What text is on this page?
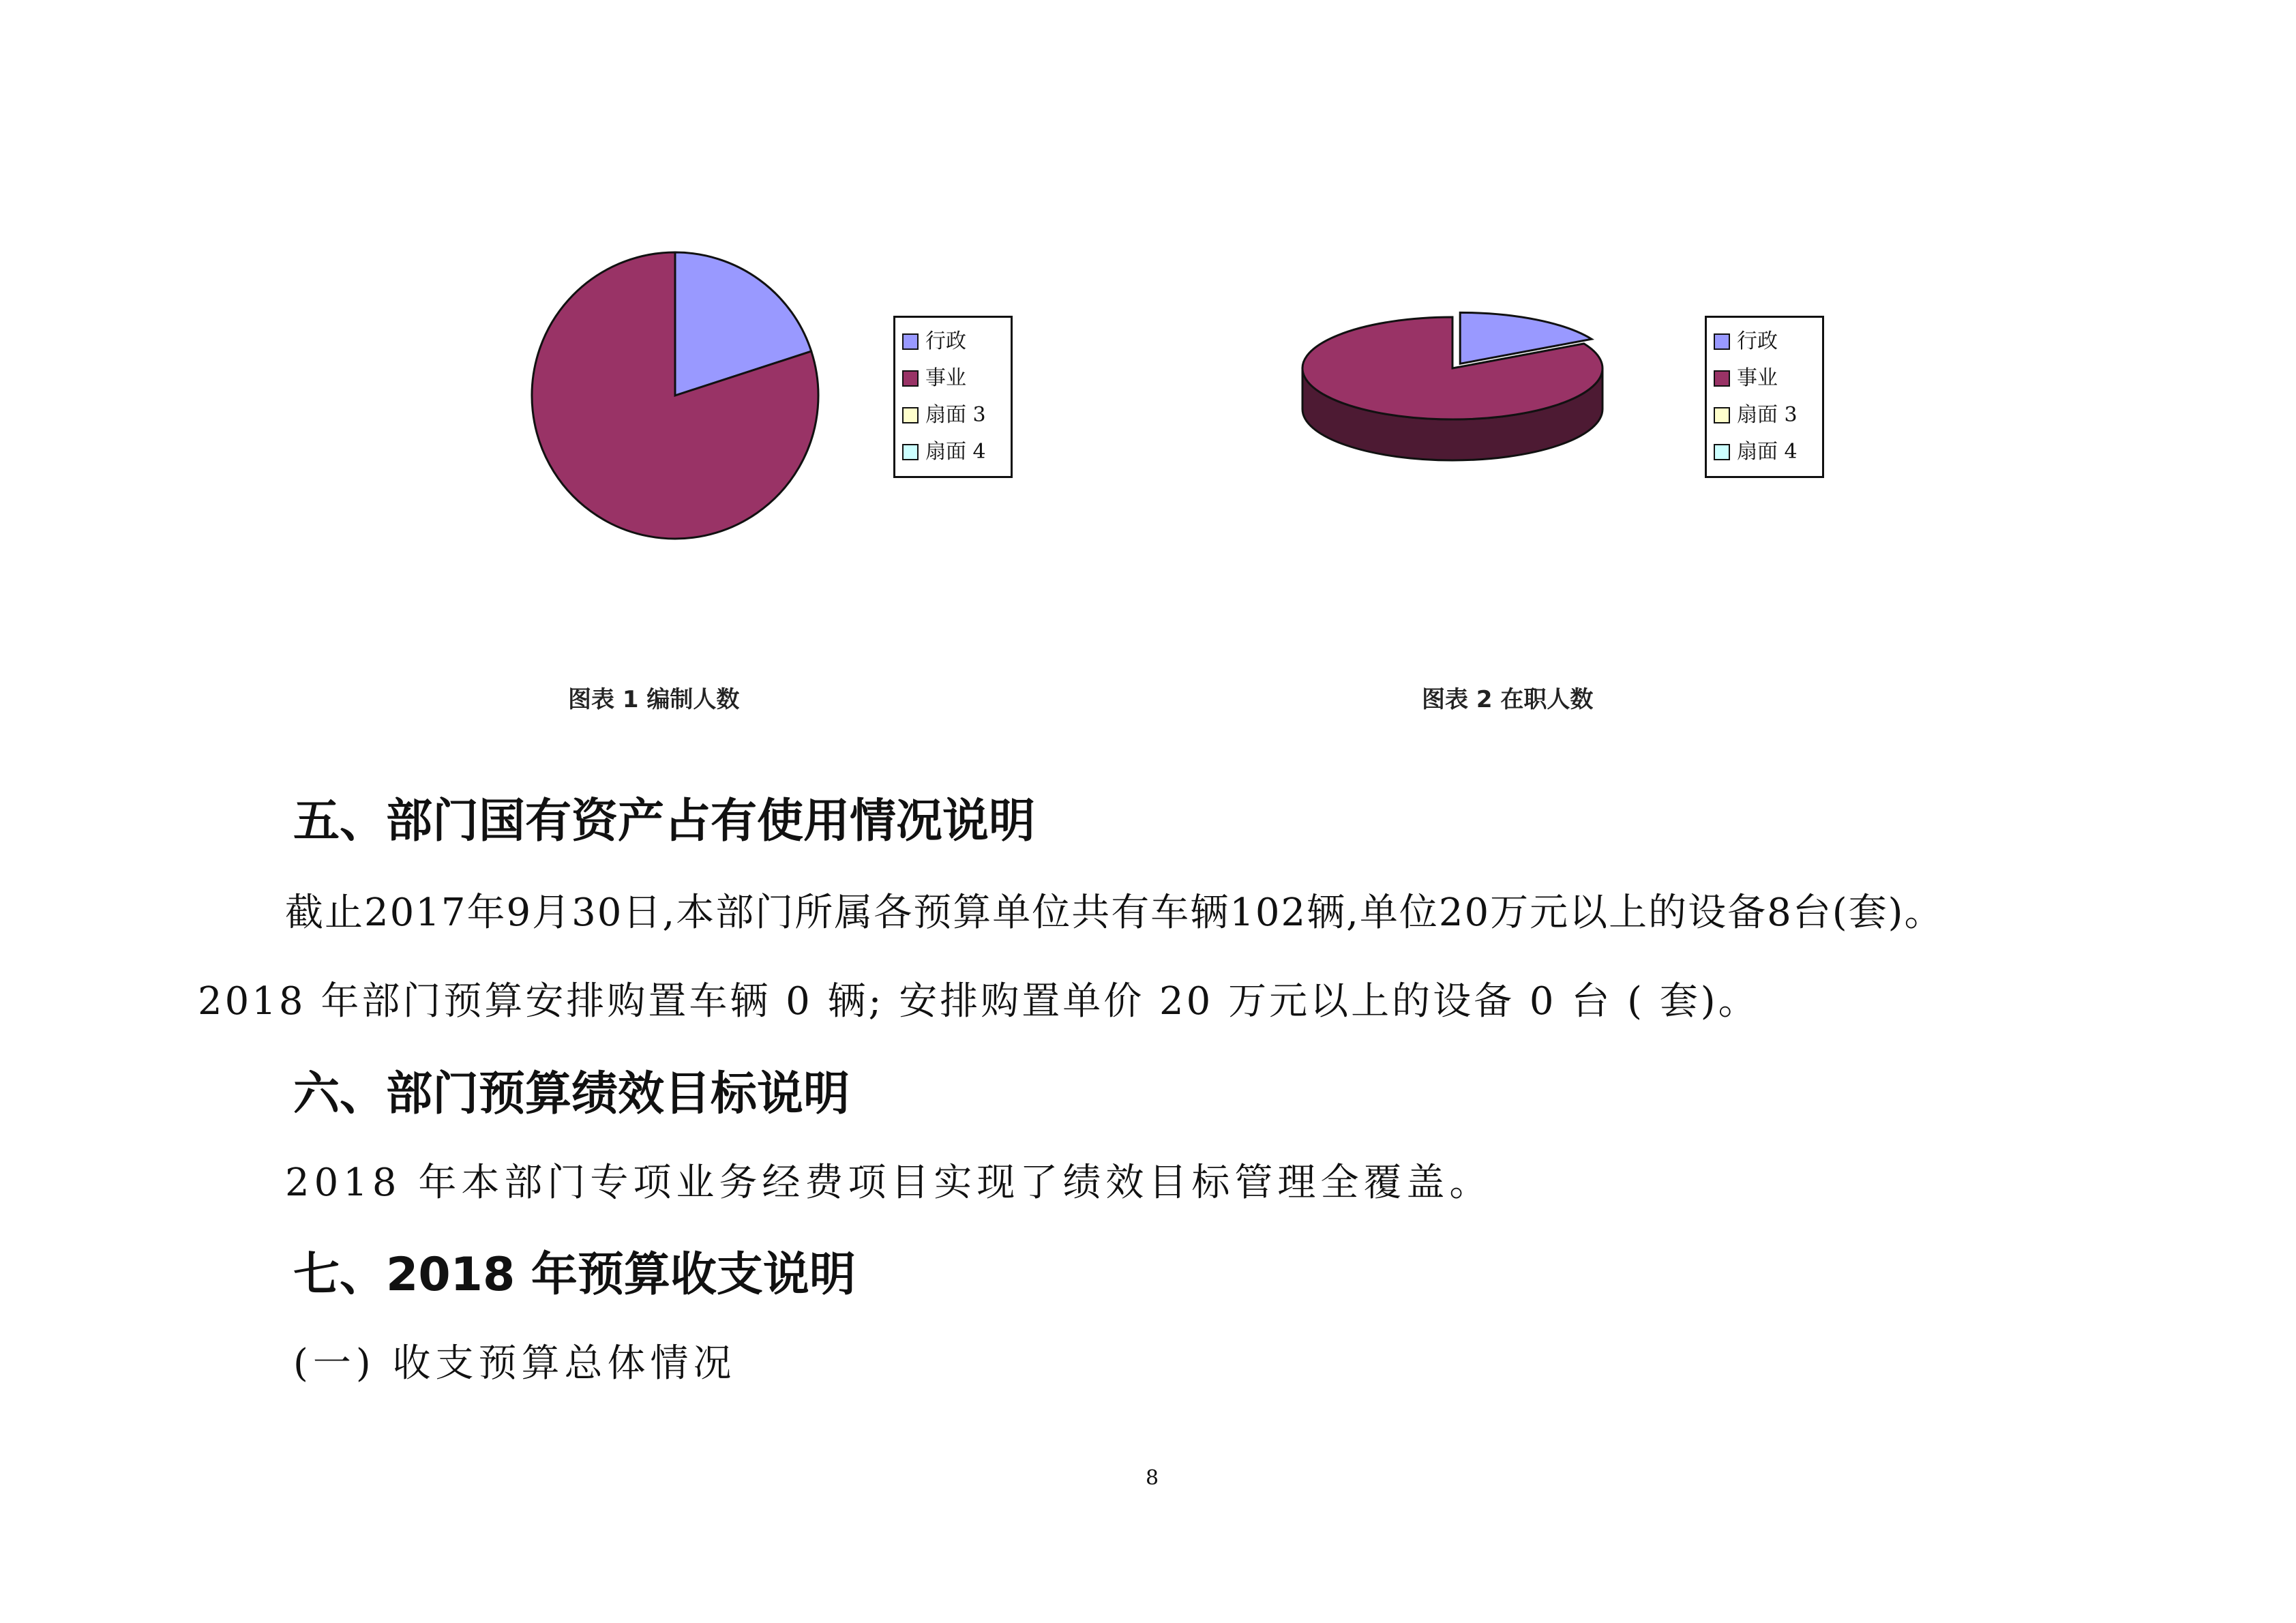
行政
事业
扇面 3
扇面 4
图表 1 编制人数
行政
事业
扇面 3
扇面 4
图表 2 在职人数
五、部门国有资产占有使用情况说明
截止2017年9月30日,本部门所属各预算单位共有车辆102辆,单位20万元以上的设备8台(套)。
2018 年部门预算安排购置车辆 0 辆; 安排购置单价 20 万元以上的设备 0 台 ( 套)。
六、部门预算绩效目标说明
2018 年本部门专项业务经费项目实现了绩效目标管理全覆盖。
七、2018 年预算收支说明
(一) 收支预算总体情况
8
